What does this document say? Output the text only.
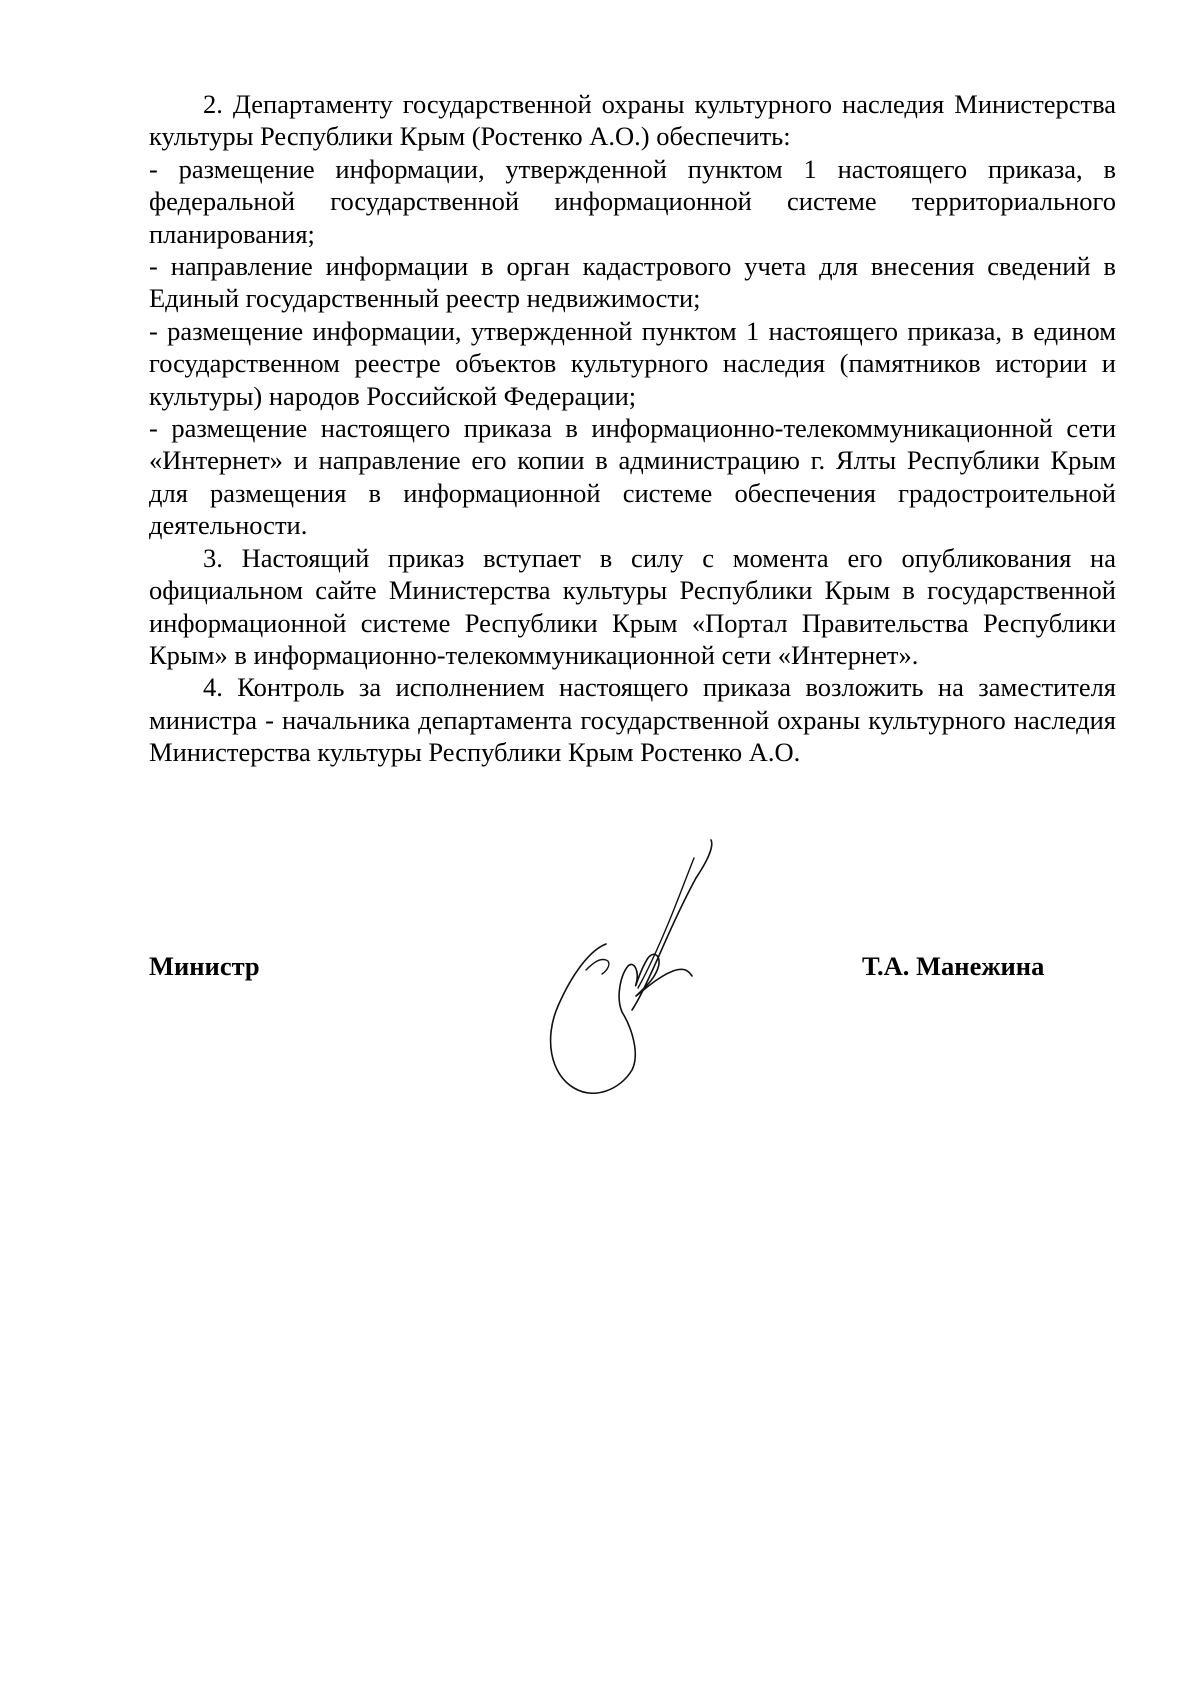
2. Департаменту государственной охраны культурного наследия Министерства культуры Республики Крым (Ростенко А.О.) обеспечить:

- размещение информации, утвержденной пунктом 1 настоящего приказа, в федеральной государственной информационной системе территориального планирования;

- направление информации в орган кадастрового учета для внесения сведений в Единый государственный реестр недвижимости;

- размещение информации, утвержденной пунктом 1 настоящего приказа, в едином государственном реестре объектов культурного наследия (памятников истории и культуры) народов Российской Федерации;

- размещение настоящего приказа в информационно-телекоммуникационной сети «Интернет» и направление его копии в администрацию г. Ялты Республики Крым для размещения в информационной системе обеспечения градостроительной деятельности.

3. Настоящий приказ вступает в силу с момента его опубликования на официальном сайте Министерства культуры Республики Крым в государственной информационной системе Республики Крым «Портал Правительства Республики Крым» в информационно-телекоммуникационной сети «Интернет».

4. Контроль за исполнением настоящего приказа возложить на заместителя министра - начальника департамента государственной охраны культурного наследия Министерства культуры Республики Крым Ростенко А.О.

Министр	Т.А. Манежина
